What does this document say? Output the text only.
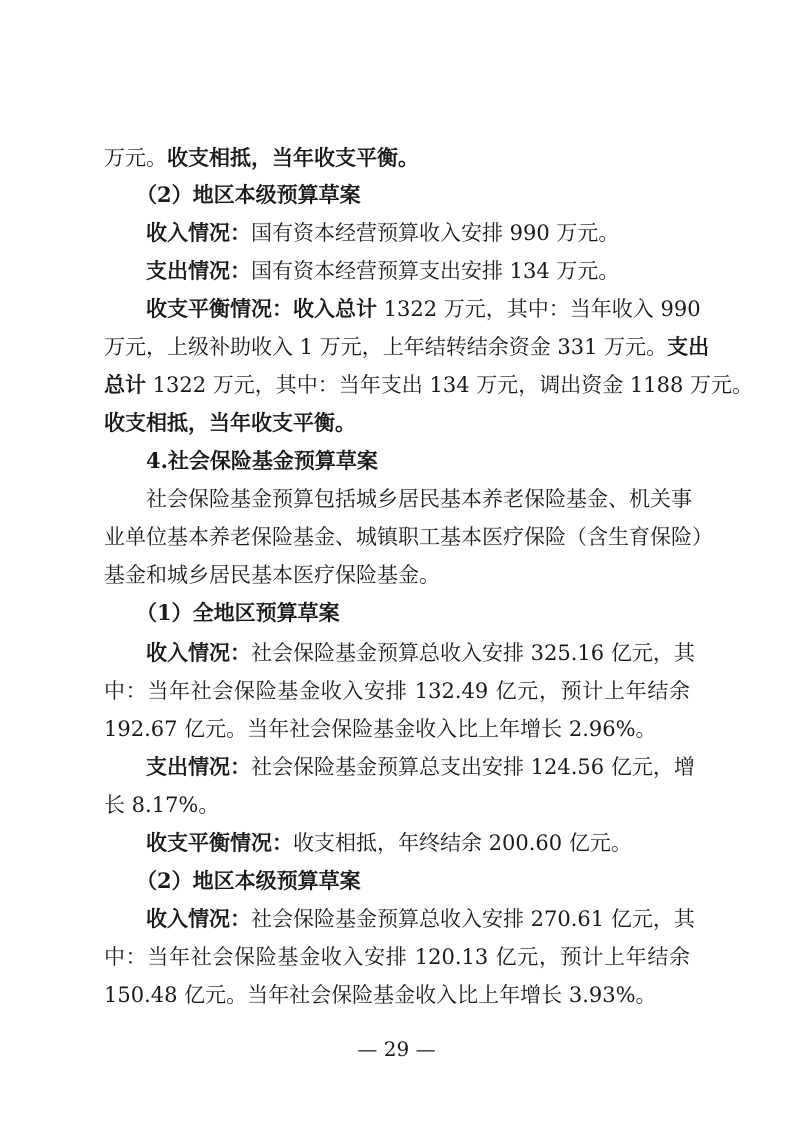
万元。收支相抵，当年收支平衡。
（2）地区本级预算草案
收入情况：国有资本经营预算收入安排 990 万元。
支出情况：国有资本经营预算支出安排 134 万元。
收支平衡情况：收入总计 1322 万元，其中：当年收入 990
万元，上级补助收入 1 万元，上年结转结余资金 331 万元。支出
总计 1322 万元，其中：当年支出 134 万元，调出资金 1188 万元。
收支相抵，当年收支平衡。
4.社会保险基金预算草案
社会保险基金预算包括城乡居民基本养老保险基金、机关事
业单位基本养老保险基金、城镇职工基本医疗保险（含生育保险）
基金和城乡居民基本医疗保险基金。
（1）全地区预算草案
收入情况：社会保险基金预算总收入安排 325.16 亿元，其
中：当年社会保险基金收入安排 132.49 亿元，预计上年结余
192.67 亿元。当年社会保险基金收入比上年增长 2.96%。
支出情况：社会保险基金预算总支出安排 124.56 亿元，增
长 8.17%。
收支平衡情况：收支相抵，年终结余 200.60 亿元。
（2）地区本级预算草案
收入情况：社会保险基金预算总收入安排 270.61 亿元，其
中：当年社会保险基金收入安排 120.13 亿元，预计上年结余
150.48 亿元。当年社会保险基金收入比上年增长 3.93%。
— 29 —
